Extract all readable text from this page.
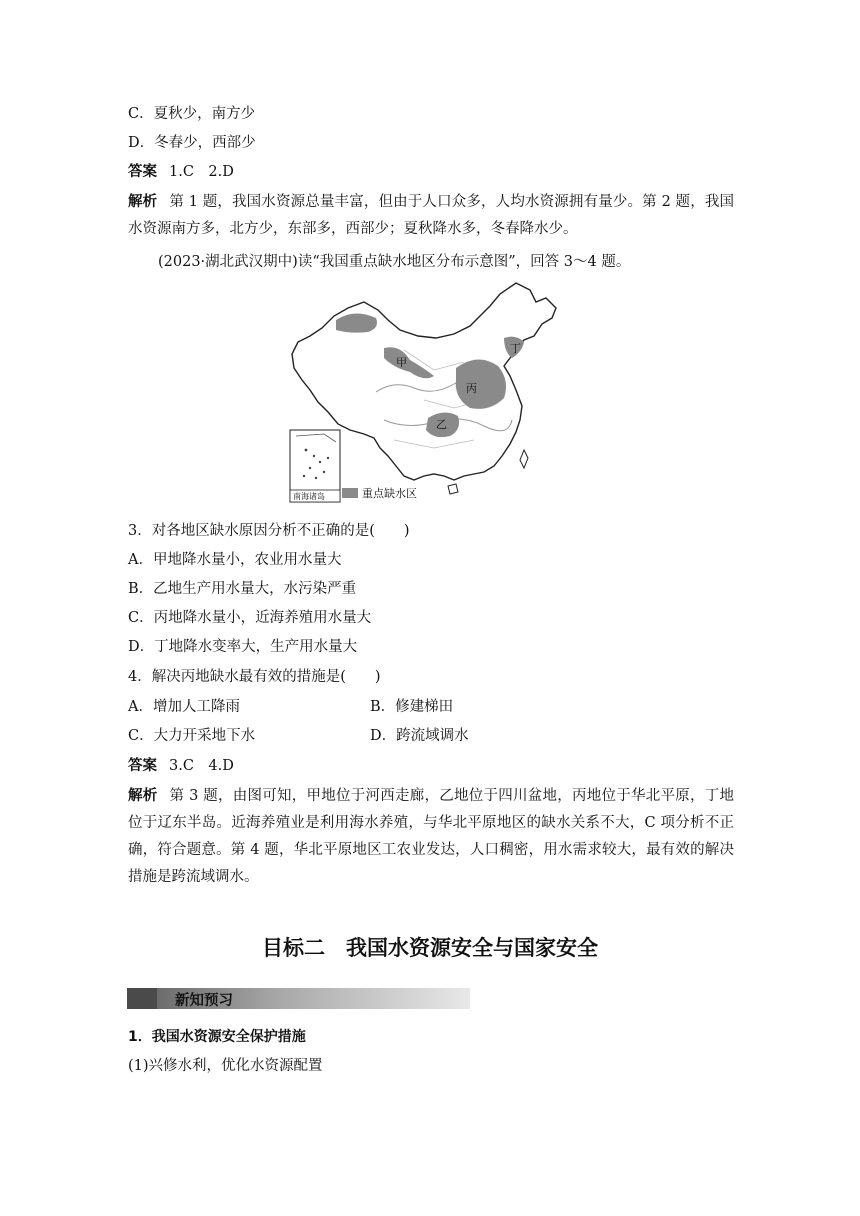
C．夏秋少，南方少
D．冬春少，西部少
答案 1.C　2.D
解析 第 1 题，我国水资源总量丰富，但由于人口众多，人均水资源拥有量少。第 2 题，我国水资源南方多，北方少，东部多，西部少；夏秋降水多，冬春降水少。
(2023·湖北武汉期中)读“我国重点缺水地区分布示意图”，回答 3～4 题。
甲
丙
丁
乙
南海诸岛	重点缺水区
3．对各地区缺水原因分析不正确的是(　　)
A．甲地降水量小，农业用水量大
B．乙地生产用水量大，水污染严重
C．丙地降水量小，近海养殖用水量大
D．丁地降水变率大，生产用水量大
4．解决丙地缺水最有效的措施是(　　)
A．增加人工降雨	B．修建梯田
C．大力开采地下水	D．跨流域调水
答案 3.C　4.D
解析 第 3 题，由图可知，甲地位于河西走廊，乙地位于四川盆地，丙地位于华北平原，丁地位于辽东半岛。近海养殖业是利用海水养殖，与华北平原地区的缺水关系不大，C 项分析不正确，符合题意。第 4 题，华北平原地区工农业发达，人口稠密，用水需求较大，最有效的解决措施是跨流域调水。
目标二　我国水资源安全与国家安全
新知预习
1．我国水资源安全保护措施
(1)兴修水利，优化水资源配置
